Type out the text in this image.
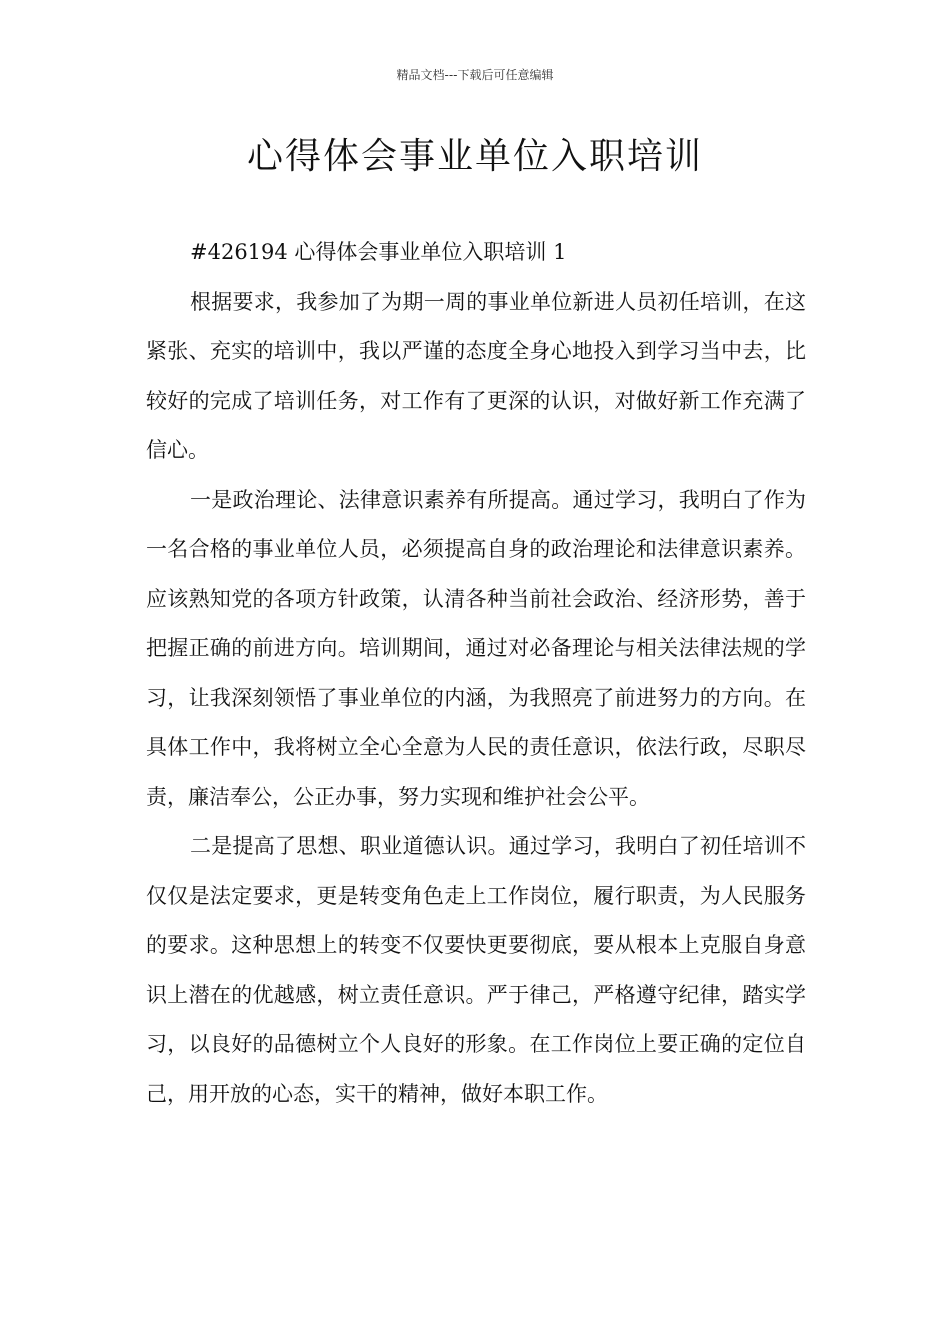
精品文档---下载后可任意编辑
心得体会事业单位入职培训

#426194 心得体会事业单位入职培训 1

根据要求，我参加了为期一周的事业单位新进人员初任培训，在这紧张、充实的培训中，我以严谨的态度全身心地投入到学习当中去，比较好的完成了培训任务，对工作有了更深的认识，对做好新工作充满了信心。

一是政治理论、法律意识素养有所提高。通过学习，我明白了作为一名合格的事业单位人员，必须提高自身的政治理论和法律意识素养。应该熟知党的各项方针政策，认清各种当前社会政治、经济形势，善于把握正确的前进方向。培训期间，通过对必备理论与相关法律法规的学习，让我深刻领悟了事业单位的内涵，为我照亮了前进努力的方向。在具体工作中，我将树立全心全意为人民的责任意识，依法行政，尽职尽责，廉洁奉公，公正办事，努力实现和维护社会公平。

二是提高了思想、职业道德认识。通过学习，我明白了初任培训不仅仅是法定要求，更是转变角色走上工作岗位，履行职责，为人民服务的要求。这种思想上的转变不仅要快更要彻底，要从根本上克服自身意识上潜在的优越感，树立责任意识。严于律己，严格遵守纪律，踏实学习，以良好的品德树立个人良好的形象。在工作岗位上要正确的定位自己，用开放的心态，实干的精神，做好本职工作。
